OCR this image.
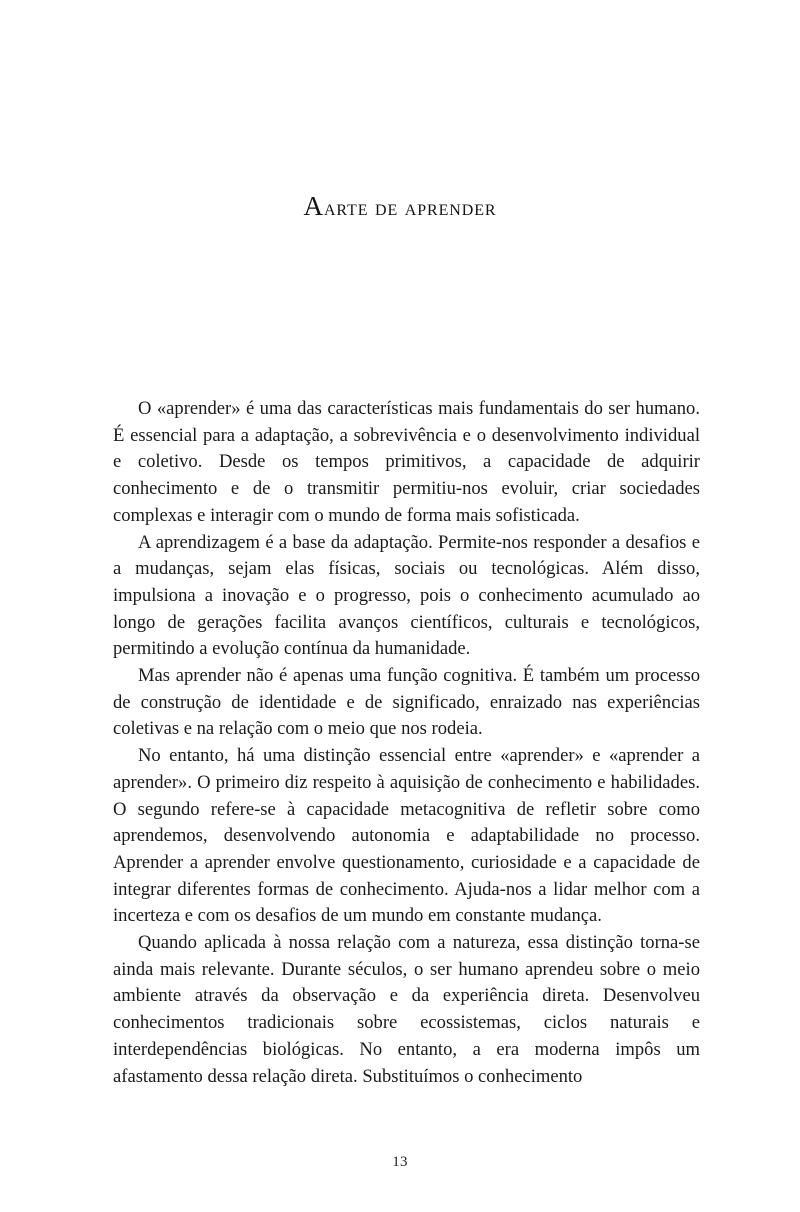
Aarte de aprender

O «aprender» é uma das características mais fundamentais do ser humano. É essencial para a adaptação, a sobrevivência e o desenvolvimento individual e coletivo. Desde os tempos primitivos, a capacidade de adquirir conhecimento e de o transmitir permitiu-nos evoluir, criar sociedades complexas e interagir com o mundo de forma mais sofisticada.

A aprendizagem é a base da adaptação. Permite-nos responder a desafios e a mudanças, sejam elas físicas, sociais ou tecnológicas. Além disso, impulsiona a inovação e o progresso, pois o conhecimento acumulado ao longo de gerações facilita avanços científicos, culturais e tecnológicos, permitindo a evolução contínua da humanidade.

Mas aprender não é apenas uma função cognitiva. É também um processo de construção de identidade e de significado, enraizado nas experiências coletivas e na relação com o meio que nos rodeia.

No entanto, há uma distinção essencial entre «aprender» e «aprender a aprender». O primeiro diz respeito à aquisição de conhecimento e habilidades. O segundo refere-se à capacidade metacognitiva de refletir sobre como aprendemos, desenvolvendo autonomia e adaptabilidade no processo. Aprender a aprender envolve questionamento, curiosidade e a capacidade de integrar diferentes formas de conhecimento. Ajuda-nos a lidar melhor com a incerteza e com os desafios de um mundo em constante mudança.

Quando aplicada à nossa relação com a natureza, essa distinção torna-se ainda mais relevante. Durante séculos, o ser humano aprendeu sobre o meio ambiente através da observação e da experiência direta. Desenvolveu conhecimentos tradicionais sobre ecossistemas, ciclos naturais e interdependências biológicas. No entanto, a era moderna impôs um afastamento dessa relação direta. Substituímos o conhecimento

13
